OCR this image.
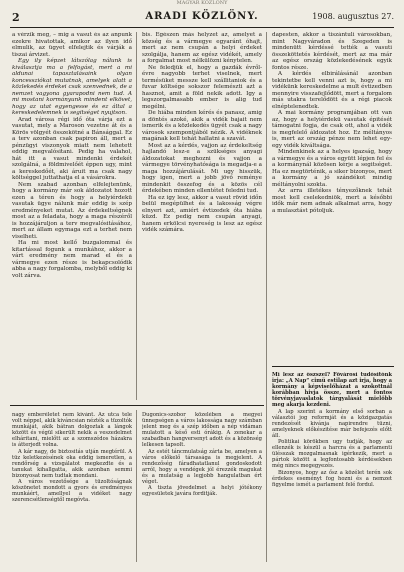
MAGYAR KÖZLÖNY
2	ARADI KÖZLÖNY.	1908. augusztus 27.

a vérzik meg, – mig a vasut és az anpunk ezekre hivatottak, amikor az ilyen idő elmulik, az ügyet elfelejtik és várják a tiszai árvizet.

Egy ily képzet látszólag nálunk is kiválasztja ma a felfogást, mert a mi aldunai tapasztalásaink olyan koncessziókat mutatnak, amelyek alatt a közlekedés érdekei csak szenvednek, de a nemzet vagyona gyarapodni nem tud. A mi mostani kormányunk mindent elkövet, hogy az utat egyengesse és ez által a kereskedelemnek is segitséget nyujtson.

Arad városa régi idő óta várja ezt a vasutat, mely a Maroson vezetne át és a Körös völgyét összekötné a Bánsággal. Ez a terv azonban csak papiron áll, mert a pénzügyi viszonyok miatt nem lehetett eddig megvalósitani. Pedig ha valahol, hát itt a vasut mindenki érdekét szolgálná, a földmivelőét éppen ugy, mint a kereskedőét, aki áruit ma csak nagy költséggel juttathatja el a vásárokra.

Nem szabad azonban elfelejtenünk, hogy a kormány már sok áldozatot hozott ezen a téren és hogy a helyiérdekü vasutak ügye nálunk már eddig is szép eredményeket mutat. Az érdekeltségnek most az a feladata, hogy a maga részéről is hozzájáruljon a terv megvalósitásához, mert az állam egymaga ezt a terhet nem viselheti.

Ha mi most kellő buzgalommal és kitartással fogunk a munkához, akkor a várt eredmény nem marad el és a vármegye ezen része is bekapcsolódik abba a nagy forgalomba, melyből eddig ki volt zárva.

bis. Egészen más helyzet az, amelyet a község és a vármegye egyaránt óhajt, mert az nem csupán a helyi érdeket szolgálja, hanem az egész vidékét, amely a forgalmat most nélkülözni kénytelen.

Ne feledjük el, hogy a gazdák évről-évre nagyobb terhet viselnek, mert termésüket messze kell szállitaniok és a fuvar költsége sokszor felemészti azt a hasznot, amit a föld nekik adott. Igy a legszorgalmasabb ember is alig tud megélni.

De hiába minden kérés és panasz, amig a döntés azoké, akik a vidék bajait nem ismerik és a közlekedés ügyét csak a nagy városok szempontjából nézik. A vidéknek magának kell tehát hallatni a szavát.

Most az a kérdés, vajjon az érdekeltség hajlandó lesz-e a szükséges anyagi áldozatokat meghozni és vajjon a vármegye törvényhatósága is megadja-e a maga hozzájárulását. Mi ugy hisszük, hogy igen, mert a jobb jövő reménye mindenkit összefog és a közös cél érdekében minden ellentétet feledni tud.

Ha ez igy lesz, akkor a vasut rövid időn belül megépülhet és a lakosság végre elnyeri azt, amiért évtizedek óta hiába küzd. Ez pedig nem csupán anyagi, hanem erkölcsi nyereség is lesz az egész vidék számára.

dapesten, akkor a tiszántuli városokban, mint Nagyváradon és Szegeden is mindenütt kérdéssé tették a vasuti összeköttetés kérdését, mert az ma már az egész ország közlekedésének egyik fontos része.

A kérdés elbirálásánál azonban tekintetbe kell venni azt is, hogy a mi vidékünk kereskedelme a mult évtizedben mennyire visszafejlődött, mert a forgalom más utakra terelődött és a régi piacok elnéptelenedtek.

A mai kormány programjában ott van az, hogy a helyiérdekü vasutak épitését támogatni fogja, de csak ott, ahol a vidék is megfelelő áldozatot hoz. Ez méltányos is, mert az ország pénze nem lehet egy-egy vidék kiváltsága.

Mindenkinek az a helyes igazság, hogy a vármegye és a város együtt lépjen fel és a kormánynál közösen kérje a segitséget. Ha ez megtörténik, a siker bizonyos, mert a kormány a jó szándékot mindig méltányolni szokta.

Az arra illetékes tényezőknek tehát most kell cselekedniök, mert a későbbi idők már nem adnak alkalmat arra, hogy a mulasztást pótoljuk.

nagy emberéletet nem kivánt. Az utca tele volt néppel, akik kiváncsian nézték a tüzoltók munkáját, akik bátran dolgoztak a lángok között és végül sikerült nekik a veszedelmet elháritani, mielőtt az a szomszédos házakra is átterjedt volna.

A kár nagy, de biztositás utján megtérül. A tüz keletkezésének oka eddig ismeretlen, a rendőrség a vizsgálatot megkezdte és a tanukat kihallgatta, akik azonban semmi bizonyosat nem tudtak mondani.

A város vezetősége a tüzoltóságnak köszönetet mondott a gyors és eredményes munkáért, amellyel a vidéket nagy szerencsétlenségtől megóvta.

Dugonics-szobor közelében a megyei ünnepségen a város lakossága nagy számban jelent meg és a szép időben a nép vidáman mulatott a késő esti órákig. A zenekar a szabadban hangversenyt adott és a közönség lelkesen tapsolt.

Az estét táncmulatság zárta be, amelyen a város előkelő társasága is megjelent. A rendezőség fáradhatatlanul gondoskodott arról, hogy a vendégek jól érezzék magukat és a mulatság a legjobb hangulatban ért véget.

A tiszta jövedelmet a helyi jótékony egyesületek javára forditják.

Mi lesz az öszszel? Fővárosi tudósitónk irja: „A Nap” cimü estilap azt irja, hogy a kormány a képviselőházat a szokottnál korábban hivja össze, mert a fontos törvényjavaslatok tárgyalását mielőbb meg akarja kezdeni.

A lap szerint a kormány első sorban a választói jog reformját és a közigazgatás rendezését kivánja napirendre tüzni, amelyeknek előkészitése már befejezés előtt áll.

Politikai körökben ugy tudják, hogy az ellenzék is készül a harcra és a parlamenti ülésszak mozgalmasnak igérkezik, mert a pártok között a legfontosabb kérdésekben még nincs megegyezés.

Bizonyos, hogy az ősz a közélet terén sok érdekes eseményt fog hozni és a nemzet figyelme ismét a parlament felé fordul.
